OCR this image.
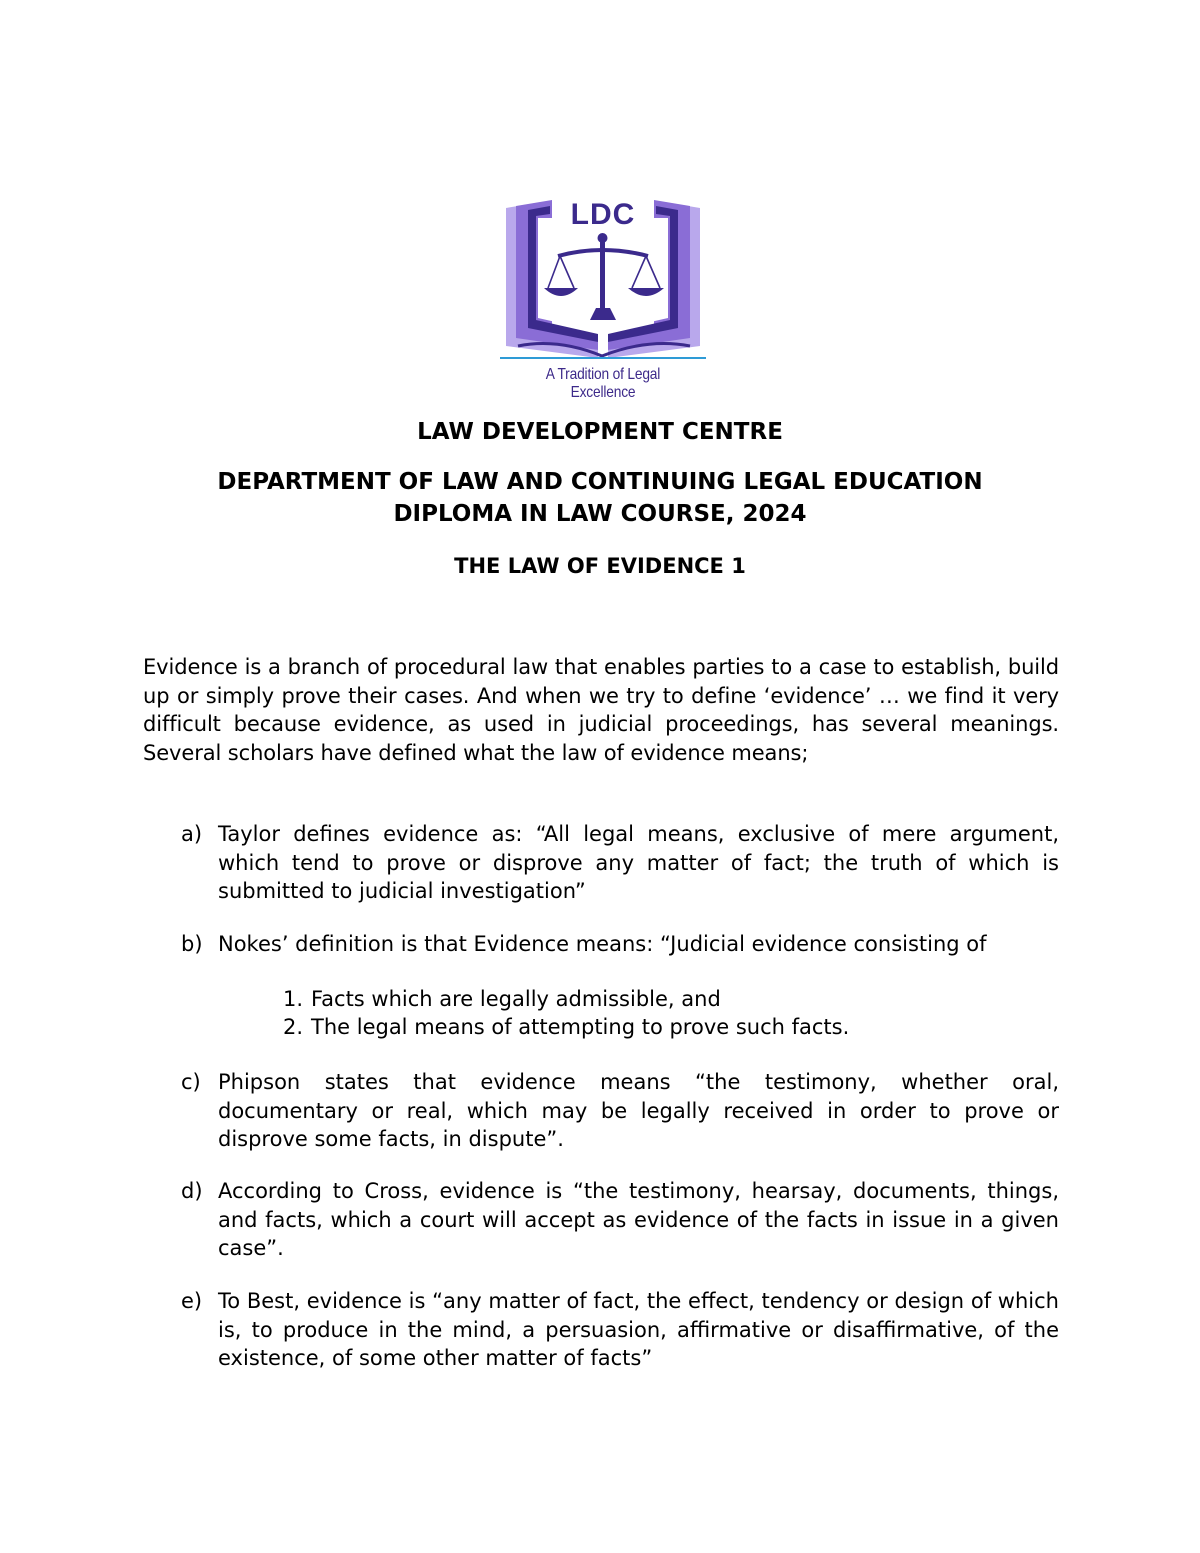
LDC
A Tradition of Legal Excellence
LAW DEVELOPMENT CENTRE
DEPARTMENT OF LAW AND CONTINUING LEGAL EDUCATION
DIPLOMA IN LAW COURSE, 2024
THE LAW OF EVIDENCE 1
Evidence is a branch of procedural law that enables parties to a case to establish, build up or simply prove their cases. And when we try to define ‘evidence’ … we find it very difficult because evidence, as used in judicial proceedings, has several meanings. Several scholars have defined what the law of evidence means;
a) Taylor defines evidence as: “All legal means, exclusive of mere argument, which tend to prove or disprove any matter of fact; the truth of which is submitted to judicial investigation”
b) Nokes’ definition is that Evidence means: “Judicial evidence consisting of
1. Facts which are legally admissible, and
2. The legal means of attempting to prove such facts.
c) Phipson states that evidence means “the testimony, whether oral, documentary or real, which may be legally received in order to prove or disprove some facts, in dispute”.
d) According to Cross, evidence is “the testimony, hearsay, documents, things, and facts, which a court will accept as evidence of the facts in issue in a given case”.
e) To Best, evidence is “any matter of fact, the effect, tendency or design of which is, to produce in the mind, a persuasion, affirmative or disaffirmative, of the existence, of some other matter of facts”
